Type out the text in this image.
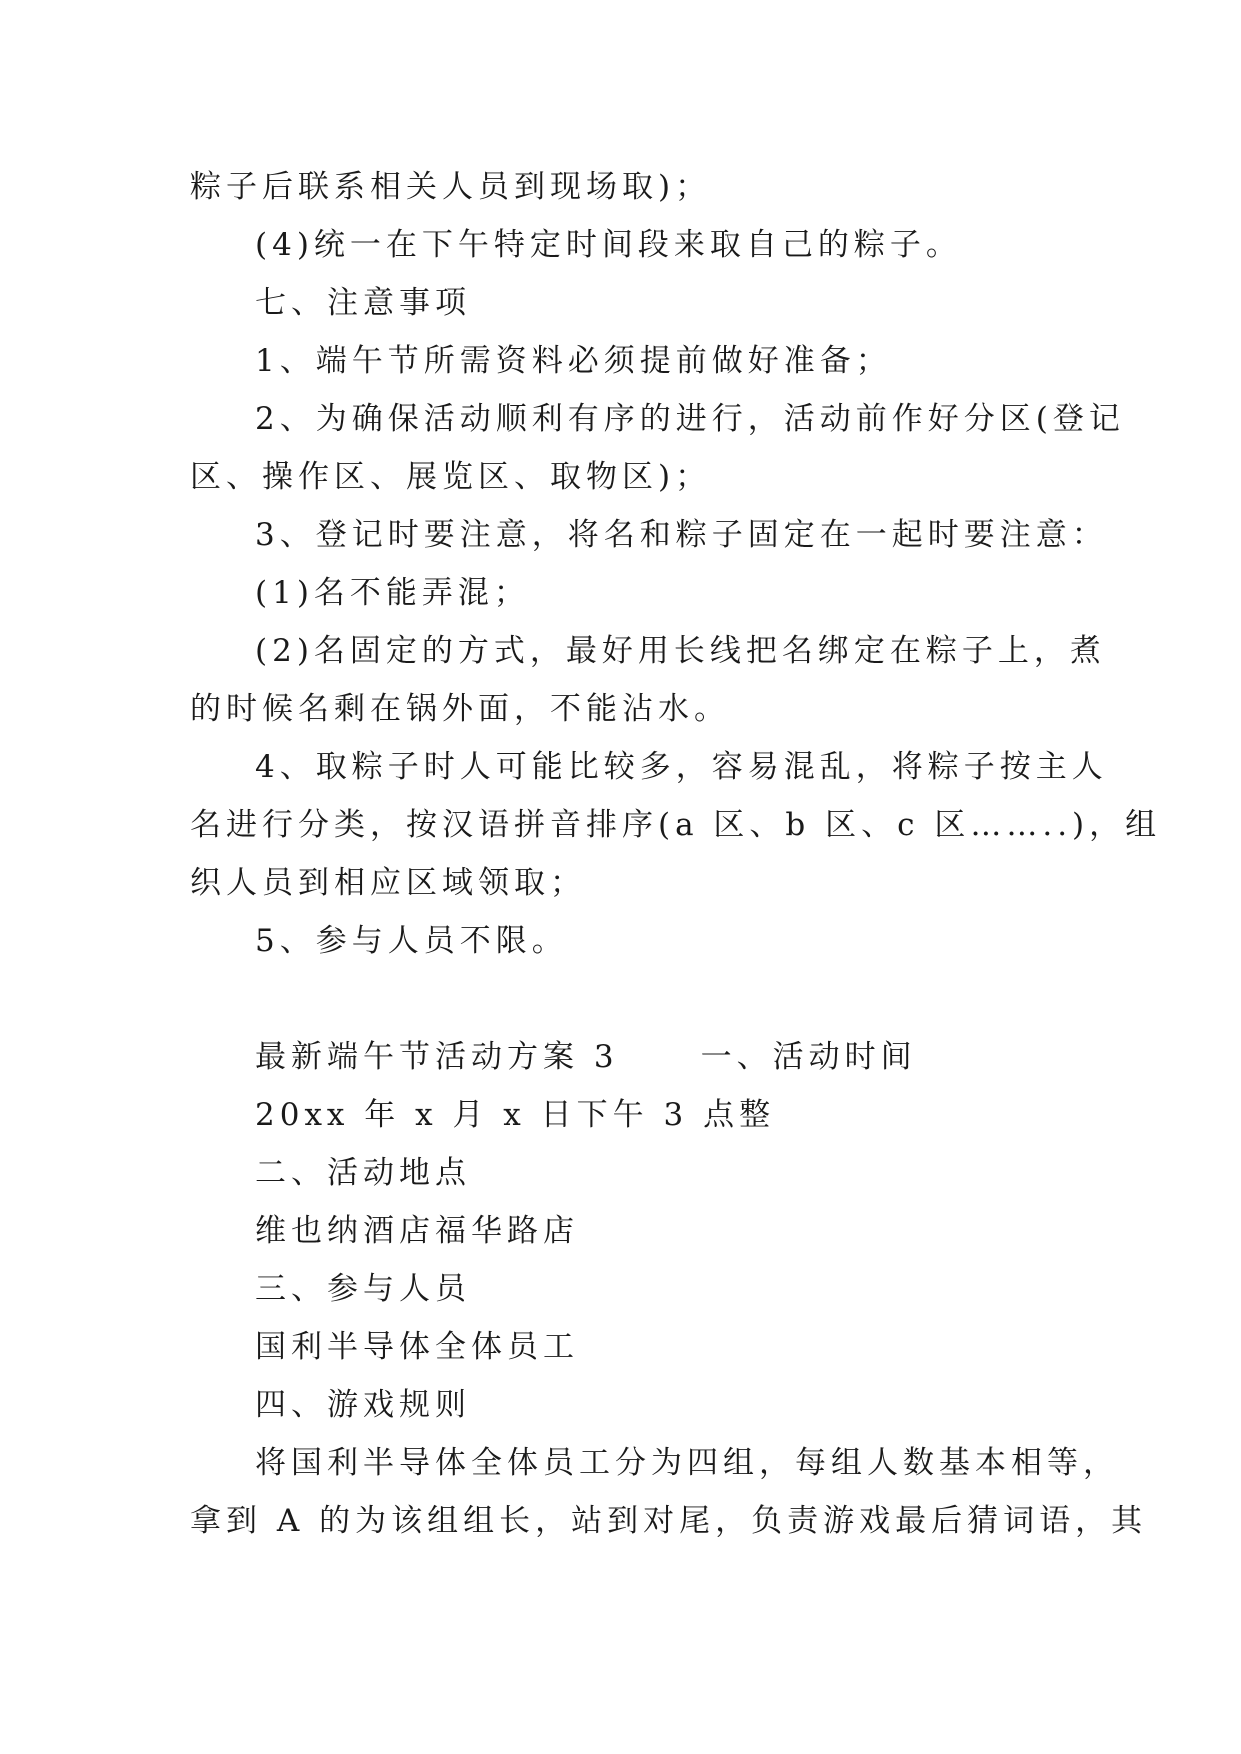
粽子后联系相关人员到现场取)；
(4)统一在下午特定时间段来取自己的粽子。
七、注意事项
1、端午节所需资料必须提前做好准备；
2、为确保活动顺利有序的进行，活动前作好分区(登记
区、操作区、展览区、取物区)；
3、登记时要注意，将名和粽子固定在一起时要注意：
(1)名不能弄混；
(2)名固定的方式，最好用长线把名绑定在粽子上，煮
的时候名剩在锅外面，不能沾水。
4、取粽子时人可能比较多，容易混乱，将粽子按主人
名进行分类，按汉语拼音排序(a 区、b 区、c 区……..)，组
织人员到相应区域领取；
5、参与人员不限。
最新端午节活动方案 3	一、活动时间
20xx 年 x 月 x 日下午 3 点整
二、活动地点
维也纳酒店福华路店
三、参与人员
国利半导体全体员工
四、游戏规则
将国利半导体全体员工分为四组，每组人数基本相等，
拿到 A 的为该组组长，站到对尾，负责游戏最后猜词语，其
